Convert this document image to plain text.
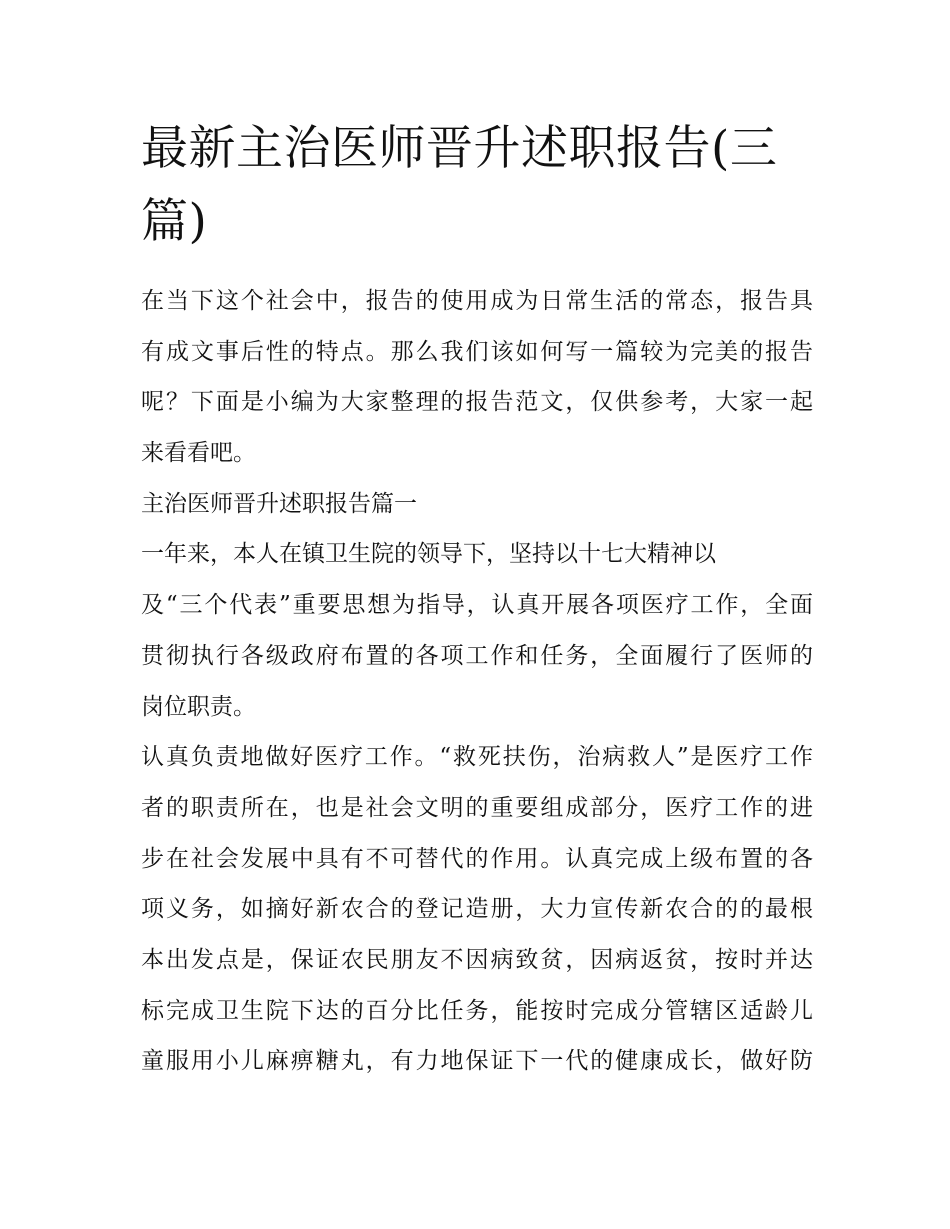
最新主治医师晋升述职报告(三
篇)
在当下这个社会中，报告的使用成为日常生活的常态，报告具
有成文事后性的特点。那么我们该如何写一篇较为完美的报告
呢？下面是小编为大家整理的报告范文，仅供参考，大家一起
来看看吧。
主治医师晋升述职报告篇一
一年来，本人在镇卫生院的领导下，坚持以十七大精神以
及“三个代表”重要思想为指导，认真开展各项医疗工作，全面
贯彻执行各级政府布置的各项工作和任务，全面履行了医师的
岗位职责。
认真负责地做好医疗工作。“救死扶伤，治病救人”是医疗工作
者的职责所在，也是社会文明的重要组成部分，医疗工作的进
步在社会发展中具有不可替代的作用。认真完成上级布置的各
项义务，如摘好新农合的登记造册，大力宣传新农合的的最根
本出发点是，保证农民朋友不因病致贫，因病返贫，按时并达
标完成卫生院下达的百分比任务，能按时完成分管辖区适龄儿
童服用小儿麻痹糖丸，有力地保证下一代的健康成长，做好防
